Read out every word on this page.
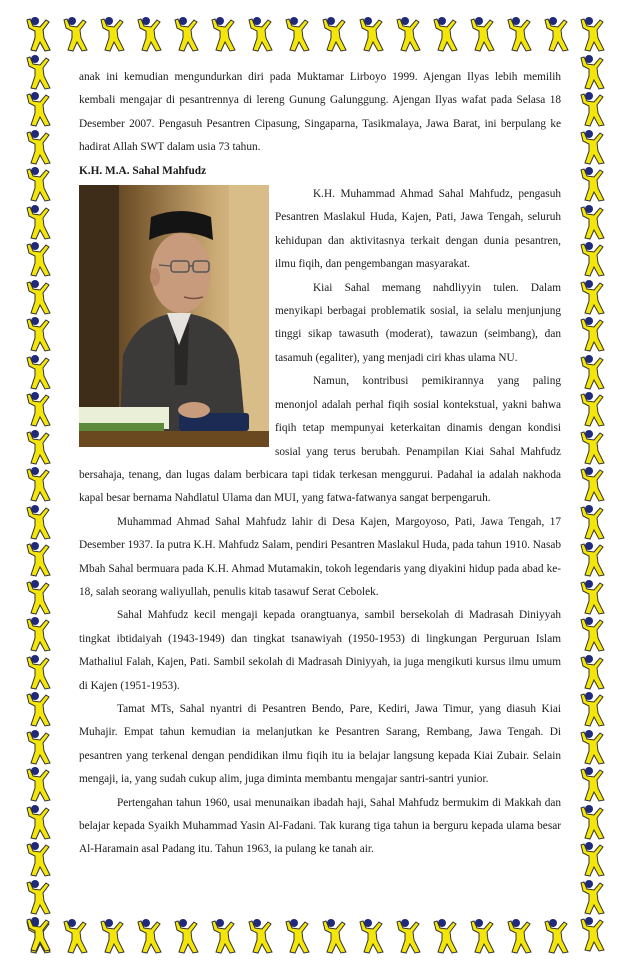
anak ini kemudian mengundurkan diri pada Muktamar Lirboyo 1999. Ajengan Ilyas lebih memilih kembali mengajar di pesantrennya di lereng Gunung Galunggung. Ajengan Ilyas wafat pada Selasa 18 Desember 2007. Pengasuh Pesantren Cipasung, Singaparna, Tasikmalaya, Jawa Barat, ini berpulang ke hadirat Allah SWT dalam usia 73 tahun.

K.H. M.A. Sahal Mahfudz

K.H. Muhammad Ahmad Sahal Mahfudz, pengasuh Pesantren Maslakul Huda, Kajen, Pati, Jawa Tengah, seluruh kehidupan dan aktivitasnya terkait dengan dunia pesantren, ilmu fiqih, dan pengembangan masyarakat.

Kiai Sahal memang nahdliyyin tulen. Dalam menyikapi berbagai problematik sosial, ia selalu menjunjung tinggi sikap tawasuth (moderat), tawazun (seimbang), dan tasamuh (egaliter), yang menjadi ciri khas ulama NU.

Namun, kontribusi pemikirannya yang paling menonjol adalah perhal fiqih sosial kontekstual, yakni bahwa fiqih tetap mempunyai keterkaitan dinamis dengan kondisi sosial yang terus berubah. Penampilan Kiai Sahal Mahfudz bersahaja, tenang, dan lugas dalam berbicara tapi tidak terkesan menggurui. Padahal ia adalah nakhoda kapal besar bernama Nahdlatul Ulama dan MUI, yang fatwa-fatwanya sangat berpengaruh.

Muhammad Ahmad Sahal Mahfudz lahir di Desa Kajen, Margoyoso, Pati, Jawa Tengah, 17 Desember 1937. Ia putra K.H. Mahfudz Salam, pendiri Pesantren Maslakul Huda, pada tahun 1910. Nasab Mbah Sahal bermuara pada K.H. Ahmad Mutamakin, tokoh legendaris yang diyakini hidup pada abad ke-18, salah seorang waliyullah, penulis kitab tasawuf Serat Cebolek.

Sahal Mahfudz kecil mengaji kepada orangtuanya, sambil bersekolah di Madrasah Diniyyah tingkat ibtidaiyah (1943-1949) dan tingkat tsanawiyah (1950-1953) di lingkungan Perguruan Islam Mathaliul Falah, Kajen, Pati. Sambil sekolah di Madrasah Diniyyah, ia juga mengikuti kursus ilmu umum di Kajen (1951-1953).

Tamat MTs, Sahal nyantri di Pesantren Bendo, Pare, Kediri, Jawa Timur, yang diasuh Kiai Muhajir. Empat tahun kemudian ia melanjutkan ke Pesantren Sarang, Rembang, Jawa Tengah. Di pesantren yang terkenal dengan pendidikan ilmu fiqih itu ia belajar langsung kepada Kiai Zubair. Selain mengaji, ia, yang sudah cukup alim, juga diminta membantu mengajar santri-santri yunior.

Pertengahan tahun 1960, usai menunaikan ibadah haji, Sahal Mahfudz bermukim di Makkah dan belajar kepada Syaikh Muhammad Yasin Al-Fadani. Tak kurang tiga tahun ia berguru kepada ulama besar Al-Haramain asal Padang itu. Tahun 1963, ia pulang ke tanah air.
